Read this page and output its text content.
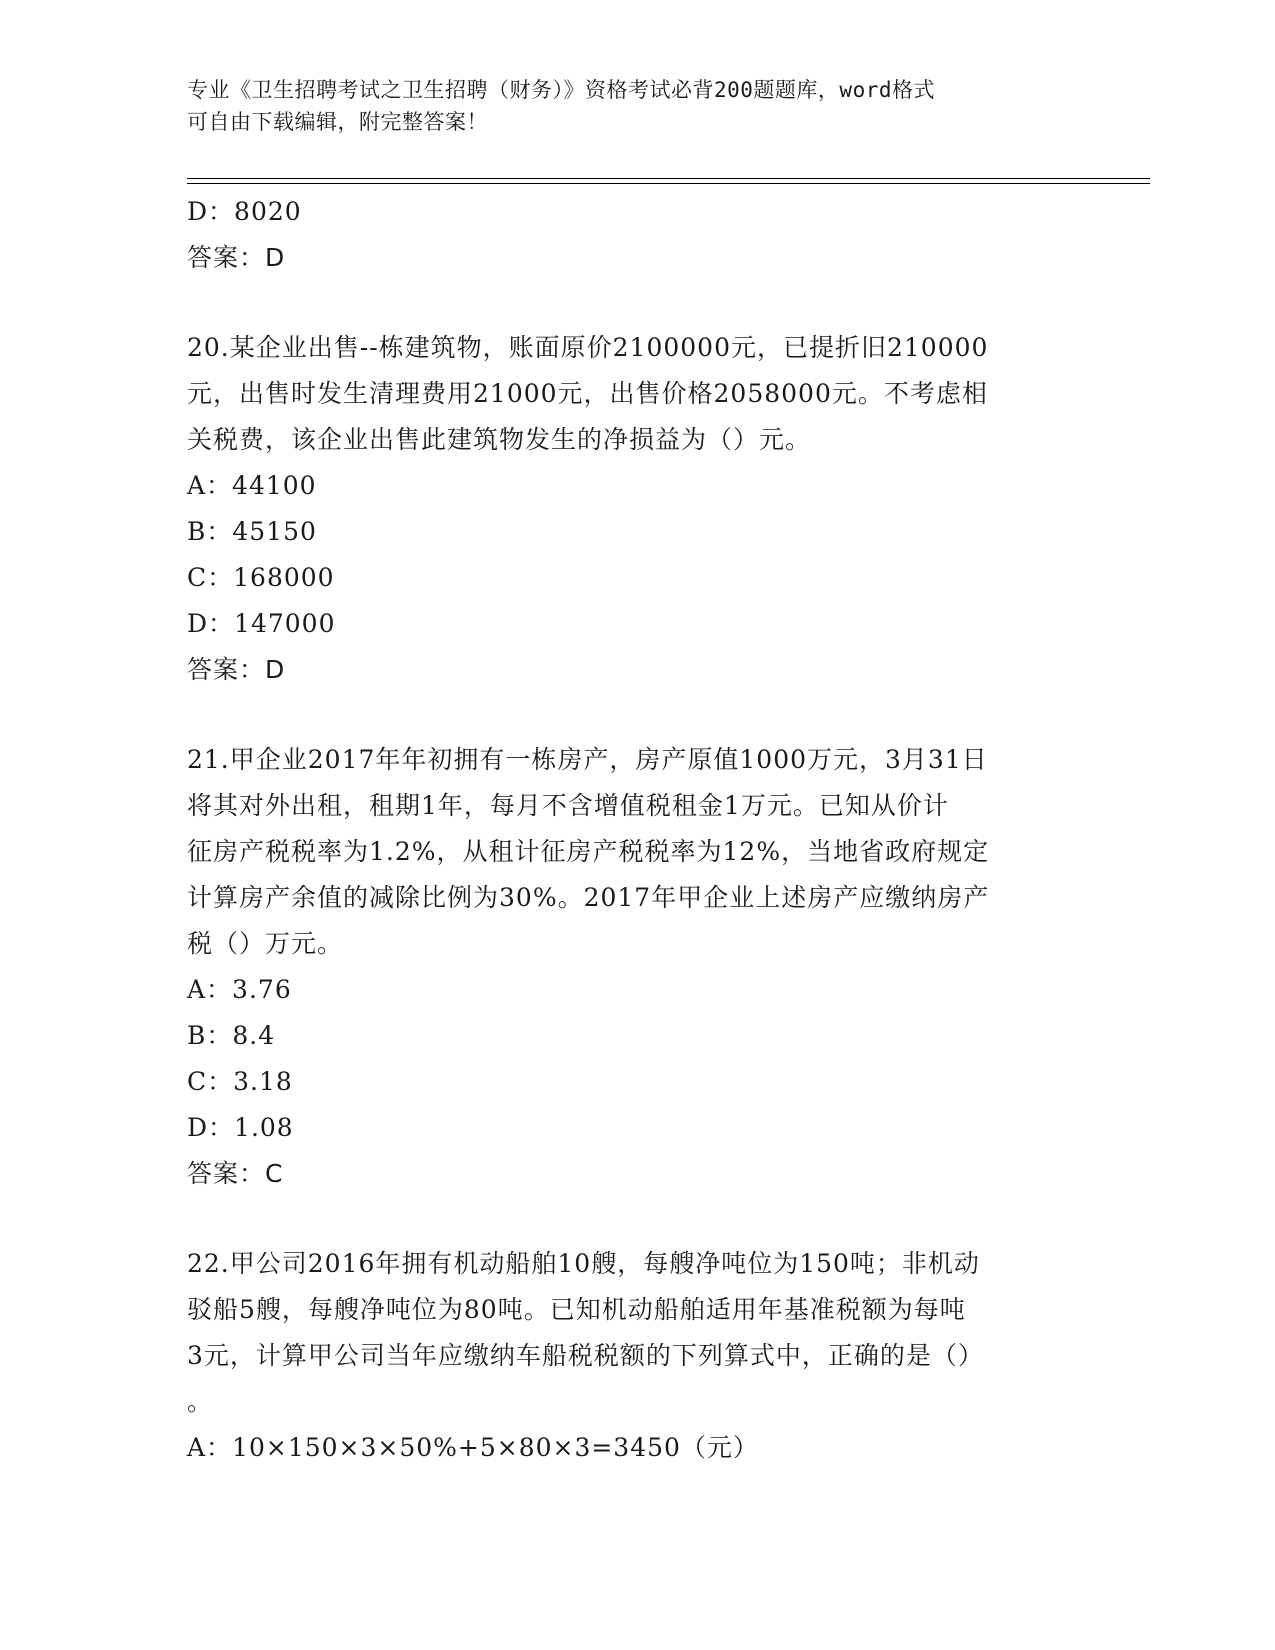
专业《卫生招聘考试之卫生招聘（财务）》资格考试必背200题题库，word格式
可自由下载编辑，附完整答案！
D：8020
答案：D
20.某企业出售--栋建筑物，账面原价2100000元，已提折旧210000
元，出售时发生清理费用21000元，出售价格2058000元。不考虑相
关税费，该企业出售此建筑物发生的净损益为（）元。
A：44100
B：45150
C：168000
D：147000
答案：D
21.甲企业2017年年初拥有一栋房产，房产原值1000万元，3月31日
将其对外出租，租期1年，每月不含增值税租金1万元。已知从价计
征房产税税率为1.2%，从租计征房产税税率为12%，当地省政府规定
计算房产余值的减除比例为30%。2017年甲企业上述房产应缴纳房产
税（）万元。
A：3.76
B：8.4
C：3.18
D：1.08
答案：C
22.甲公司2016年拥有机动船舶10艘，每艘净吨位为150吨；非机动
驳船5艘，每艘净吨位为80吨。已知机动船舶适用年基准税额为每吨
3元，计算甲公司当年应缴纳车船税税额的下列算式中，正确的是（）
。
A：10×150×3×50%+5×80×3=3450（元）
